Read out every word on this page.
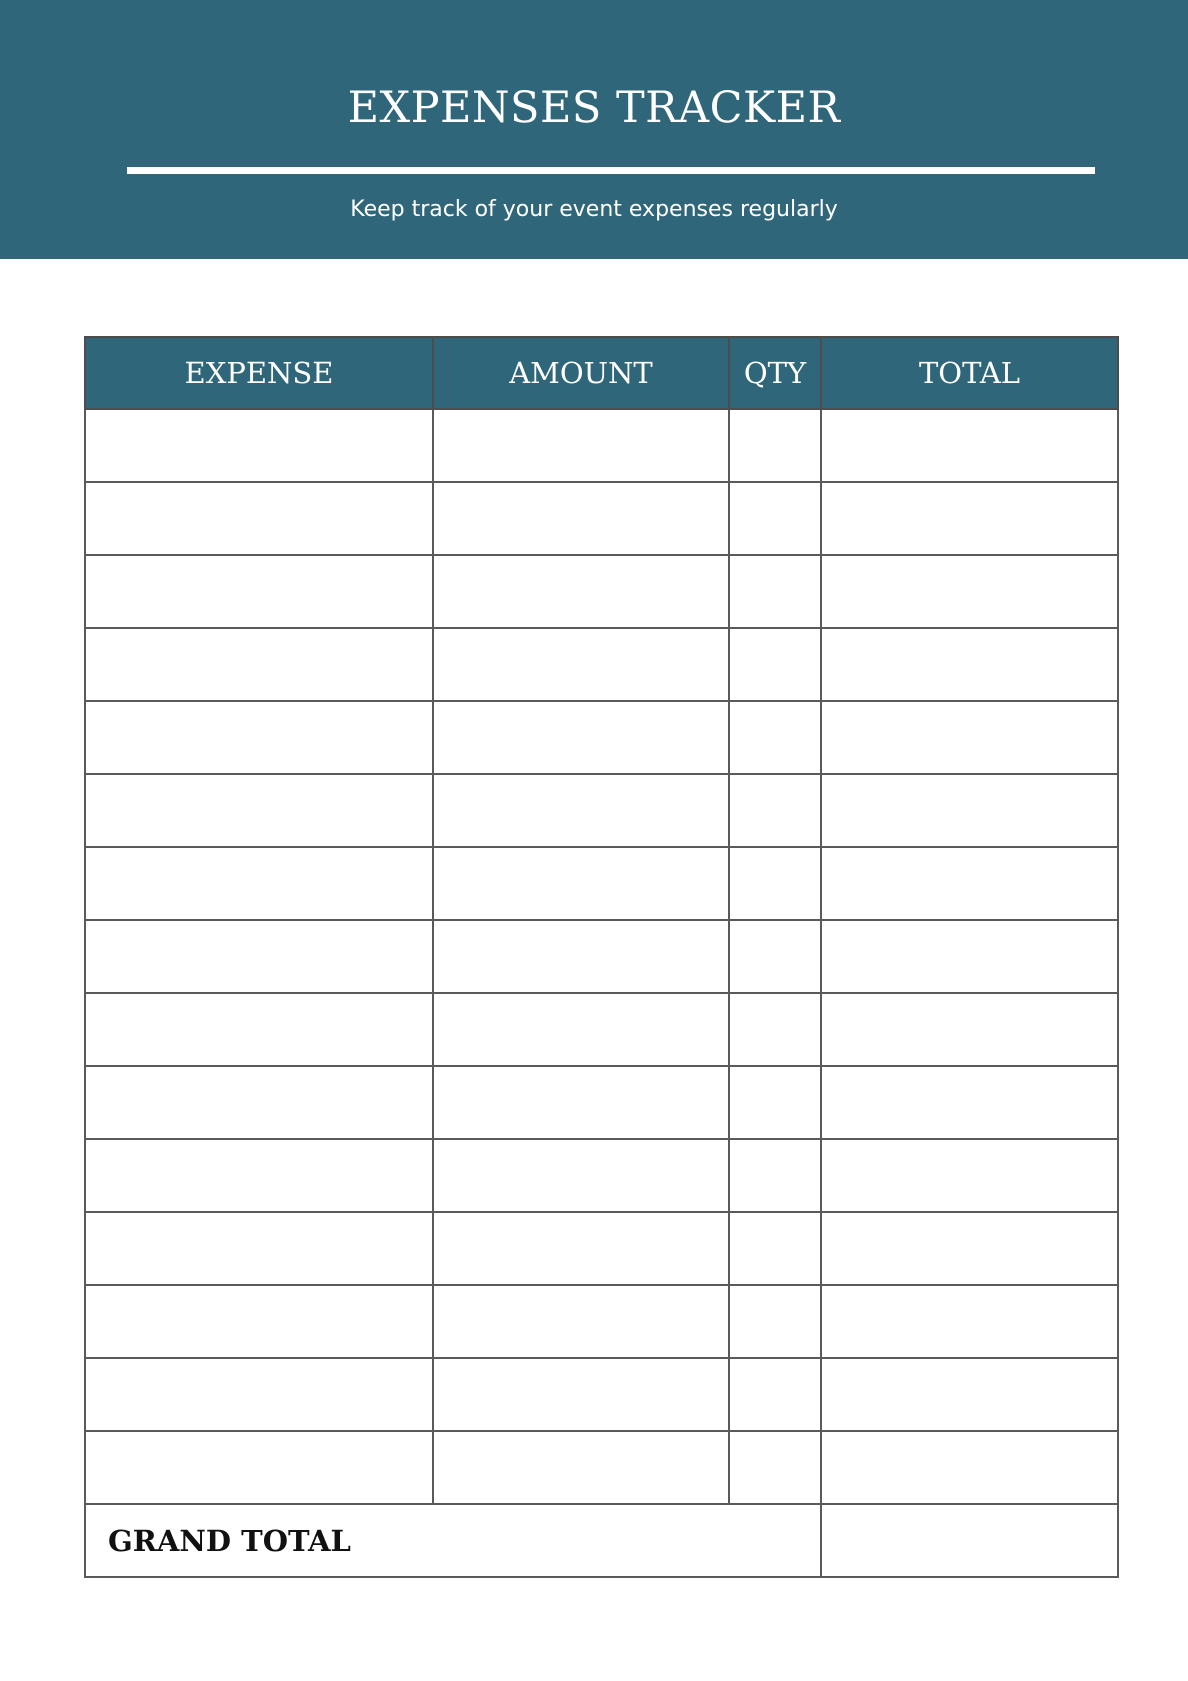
EXPENSES TRACKER
Keep track of your event expenses regularly
EXPENSE	AMOUNT	QTY	TOTAL

GRAND TOTAL			
